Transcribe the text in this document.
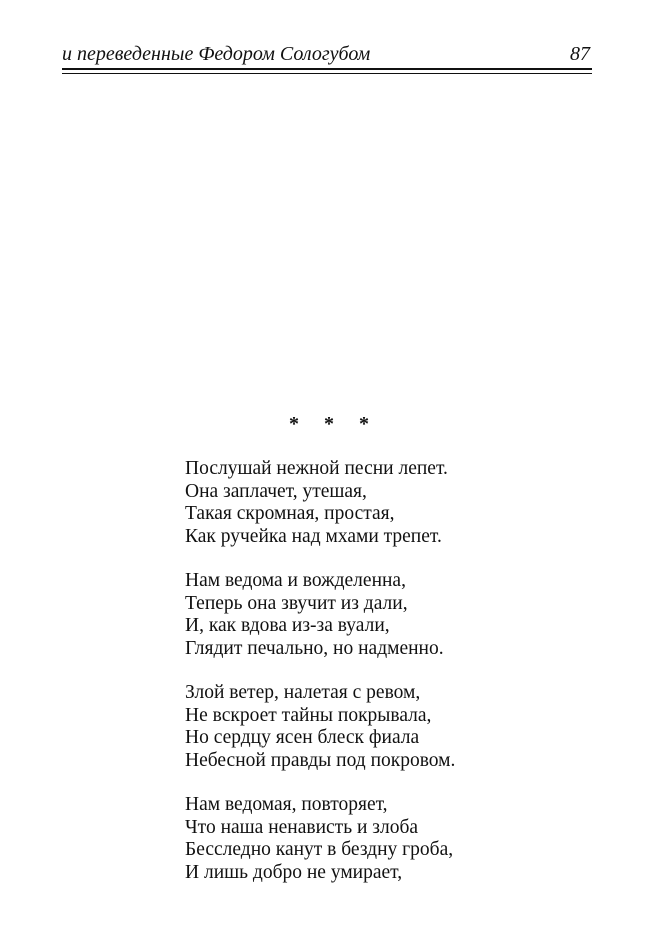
и переведенные Федором Сологубом	87
* * *
Послушай нежной песни лепет.
Она заплачет, утешая,
Такая скромная, простая,
Как ручейка над мхами трепет.
Нам ведома и вожделенна,
Теперь она звучит из дали,
И, как вдова из-за вуали,
Глядит печально, но надменно.
Злой ветер, налетая с ревом,
Не вскроет тайны покрывала,
Но сердцу ясен блеск фиала
Небесной правды под покровом.
Нам ведомая, повторяет,
Что наша ненависть и злоба
Бесследно канут в бездну гроба,
И лишь добро не умирает,
